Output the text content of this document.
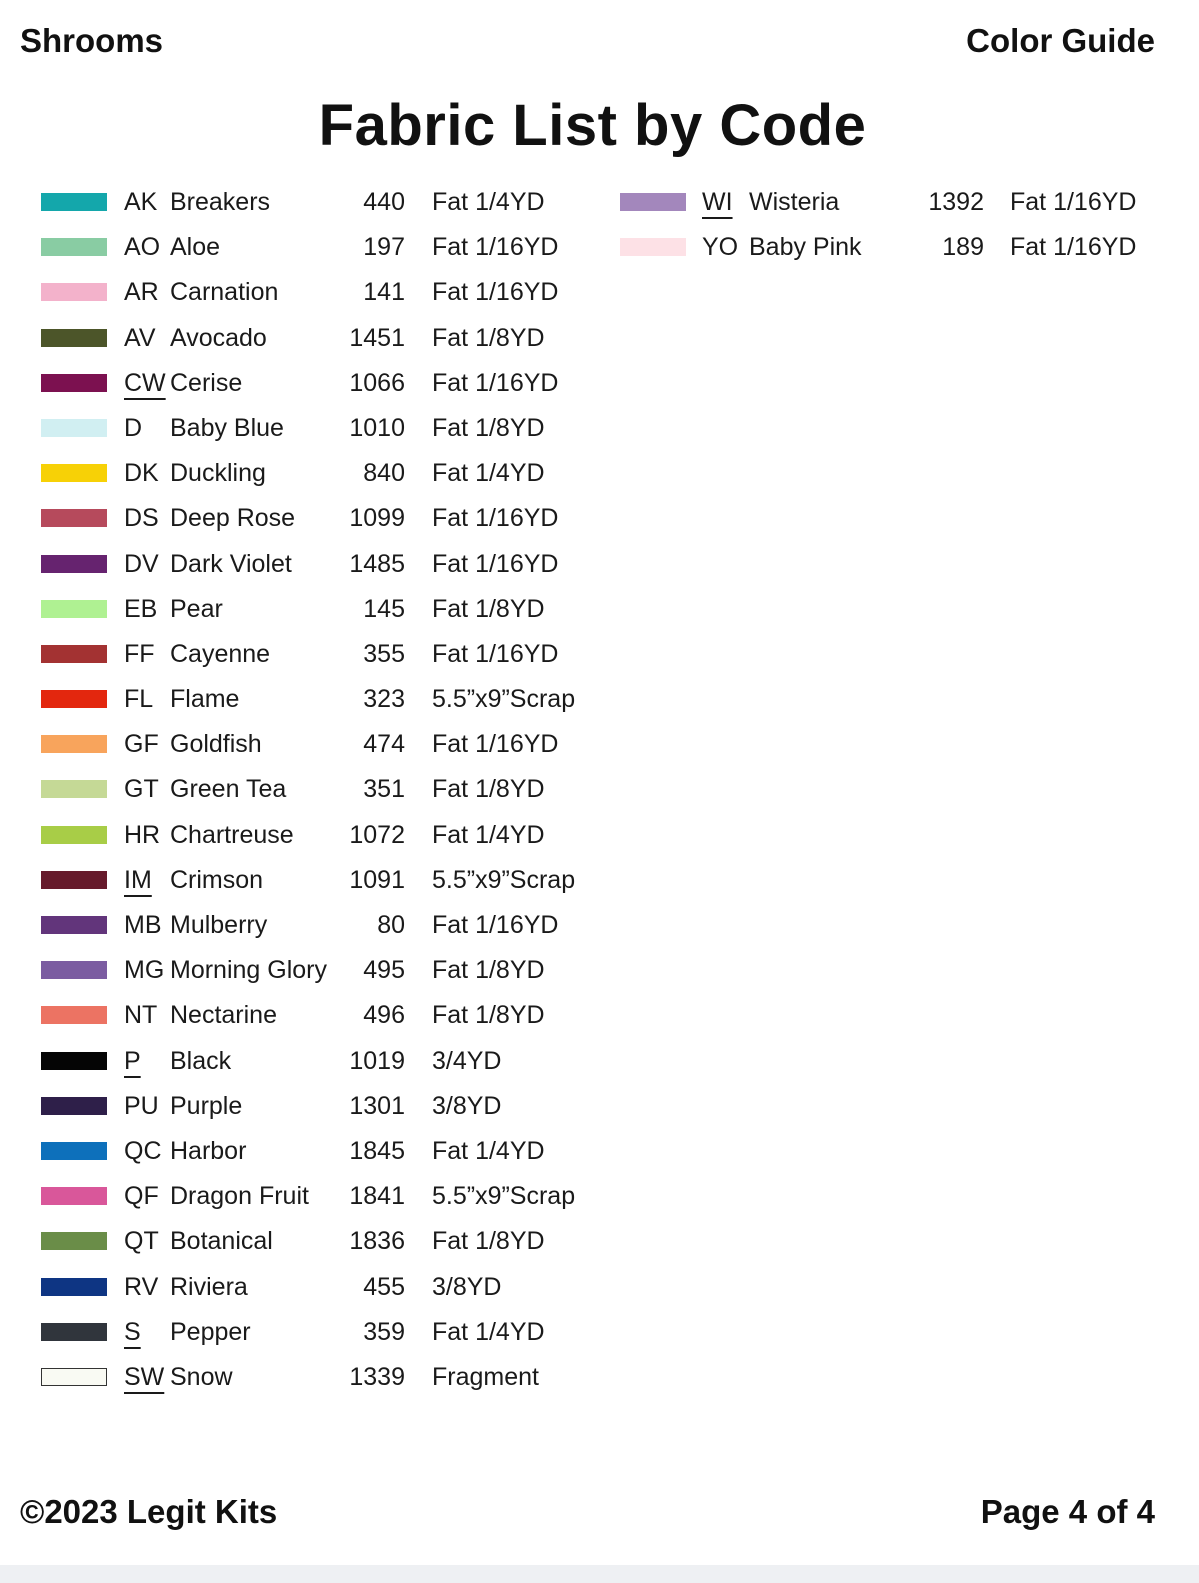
Shrooms	Color Guide
Fabric List by Code
AK Breakers	440 Fat 1/4YD
AO Aloe	197 Fat 1/16YD
AR Carnation	141 Fat 1/16YD
AV Avocado	1451 Fat 1/8YD
CW Cerise	1066 Fat 1/16YD
D Baby Blue	1010 Fat 1/8YD
DK Duckling	840 Fat 1/4YD
DS Deep Rose	1099 Fat 1/16YD
DV Dark Violet	1485 Fat 1/16YD
EB Pear	145 Fat 1/8YD
FF Cayenne	355 Fat 1/16YD
FL Flame	323 5.5”x9”Scrap
GF Goldfish	474 Fat 1/16YD
GT Green Tea	351 Fat 1/8YD
HR Chartreuse	1072 Fat 1/4YD
IM Crimson	1091 5.5”x9”Scrap
MB Mulberry	80 Fat 1/16YD
MG Morning Glory	495 Fat 1/8YD
NT Nectarine	496 Fat 1/8YD
P Black	1019 3/4YD
PU Purple	1301 3/8YD
QC Harbor	1845 Fat 1/4YD
QF Dragon Fruit	1841 5.5”x9”Scrap
QT Botanical	1836 Fat 1/8YD
RV Riviera	455 3/8YD
S Pepper	359 Fat 1/4YD
SW Snow	1339 Fragment
WI Wisteria	1392 Fat 1/16YD
YO Baby Pink	189 Fat 1/16YD
©2023 Legit Kits	Page 4 of 4
